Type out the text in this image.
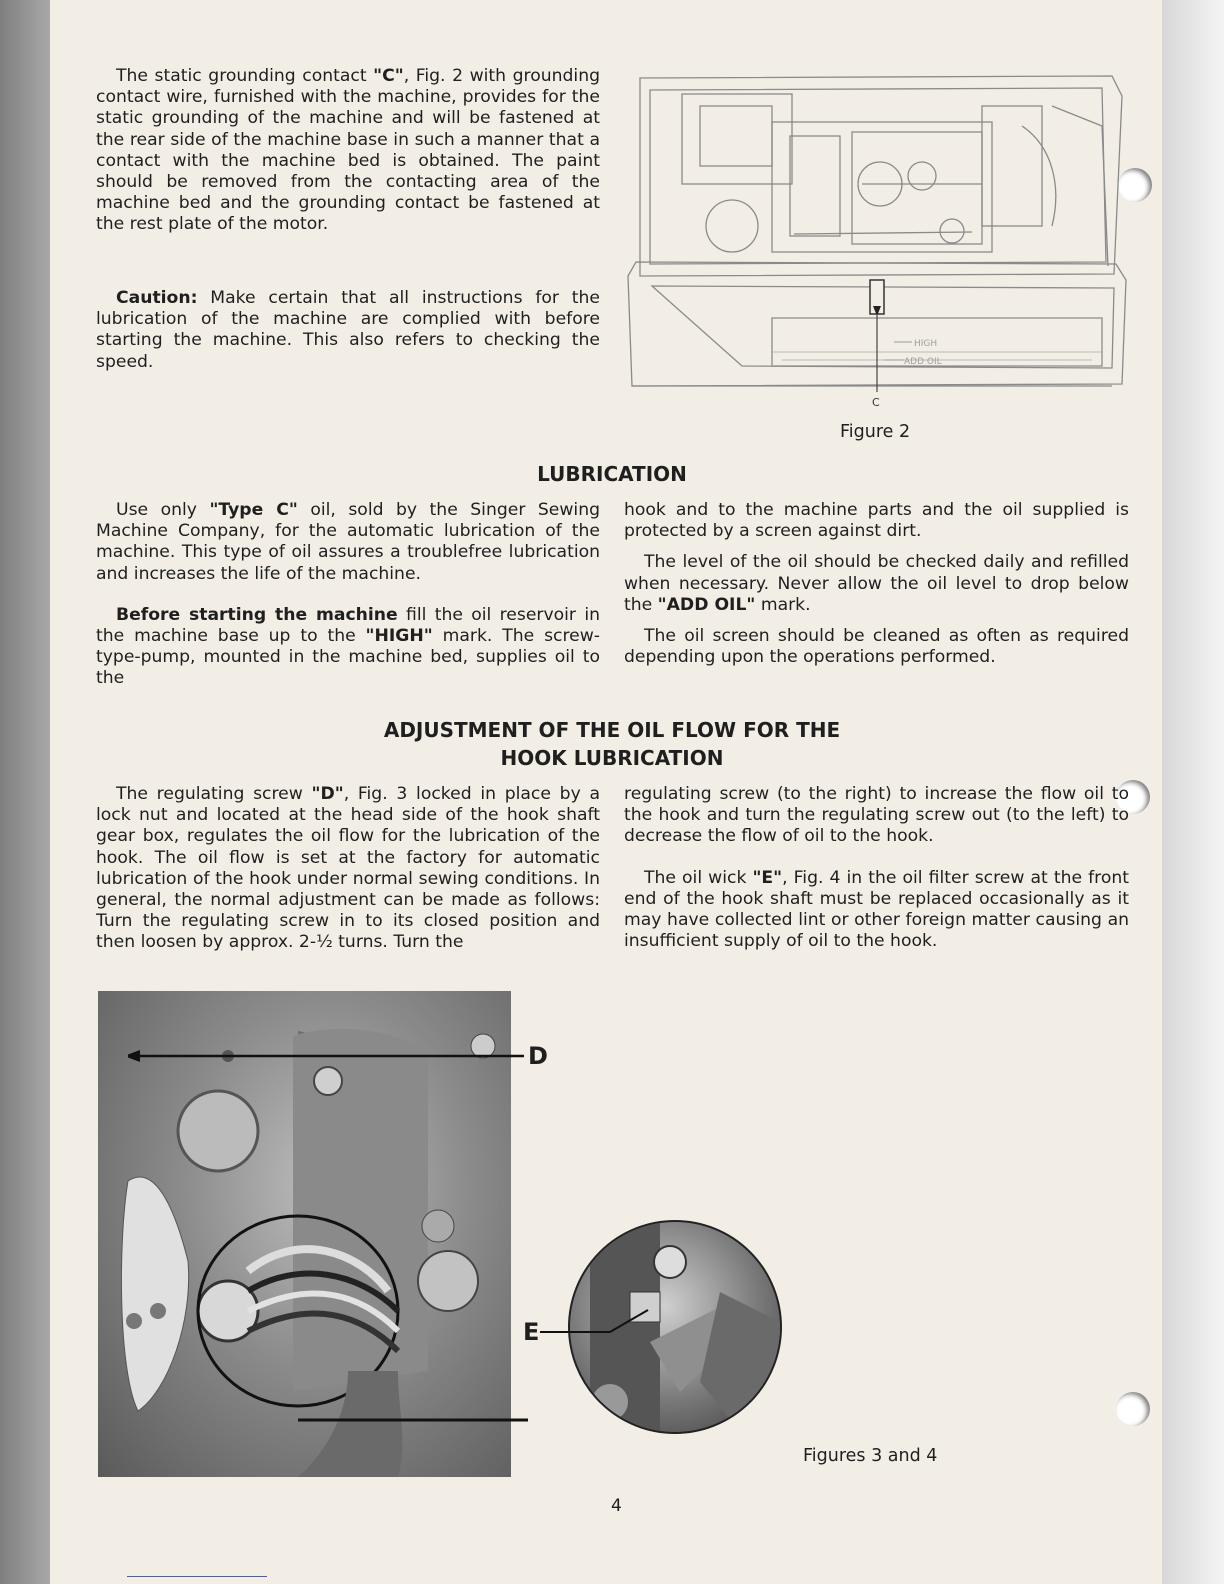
The static grounding contact "C", Fig. 2 with grounding contact wire, furnished with the machine, provides for the static grounding of the machine and will be fastened at the rear side of the machine base in such a manner that a contact with the machine bed is obtained. The paint should be removed from the contacting area of the machine bed and the grounding contact be fastened at the rest plate of the motor.

Caution: Make certain that all instructions for the lubrication of the machine are complied with before starting the machine. This also refers to checking the speed.

HIGH
ADD OIL
C
Figure 2
LUBRICATION

Use only "Type C" oil, sold by the Singer Sewing Machine Company, for the automatic lubrication of the machine. This type of oil assures a troublefree lubrication and increases the life of the machine.

Before starting the machine fill the oil reservoir in the machine base up to the "HIGH" mark. The screw-type-pump, mounted in the machine bed, supplies oil to the

hook and to the machine parts and the oil supplied is protected by a screen against dirt.

The level of the oil should be checked daily and refilled when necessary. Never allow the oil level to drop below the "ADD OIL" mark.

The oil screen should be cleaned as often as required depending upon the operations performed.

ADJUSTMENT OF THE OIL FLOW FOR THE
HOOK LUBRICATION

The regulating screw "D", Fig. 3 locked in place by a lock nut and located at the head side of the hook shaft gear box, regulates the oil flow for the lubrication of the hook. The oil flow is set at the factory for automatic lubrication of the hook under normal sewing conditions. In general, the normal adjustment can be made as follows: Turn the regulating screw in to its closed position and then loosen by approx. 2-½ turns. Turn the

regulating screw (to the right) to increase the flow oil to the hook and turn the regulating screw out (to the left) to decrease the flow of oil to the hook.

The oil wick "E", Fig. 4 in the oil filter screw at the front end of the hook shaft must be replaced occasionally as it may have collected lint or other foreign matter causing an insufficient supply of oil to the hook.

D
E
Figures 3 and 4
4
